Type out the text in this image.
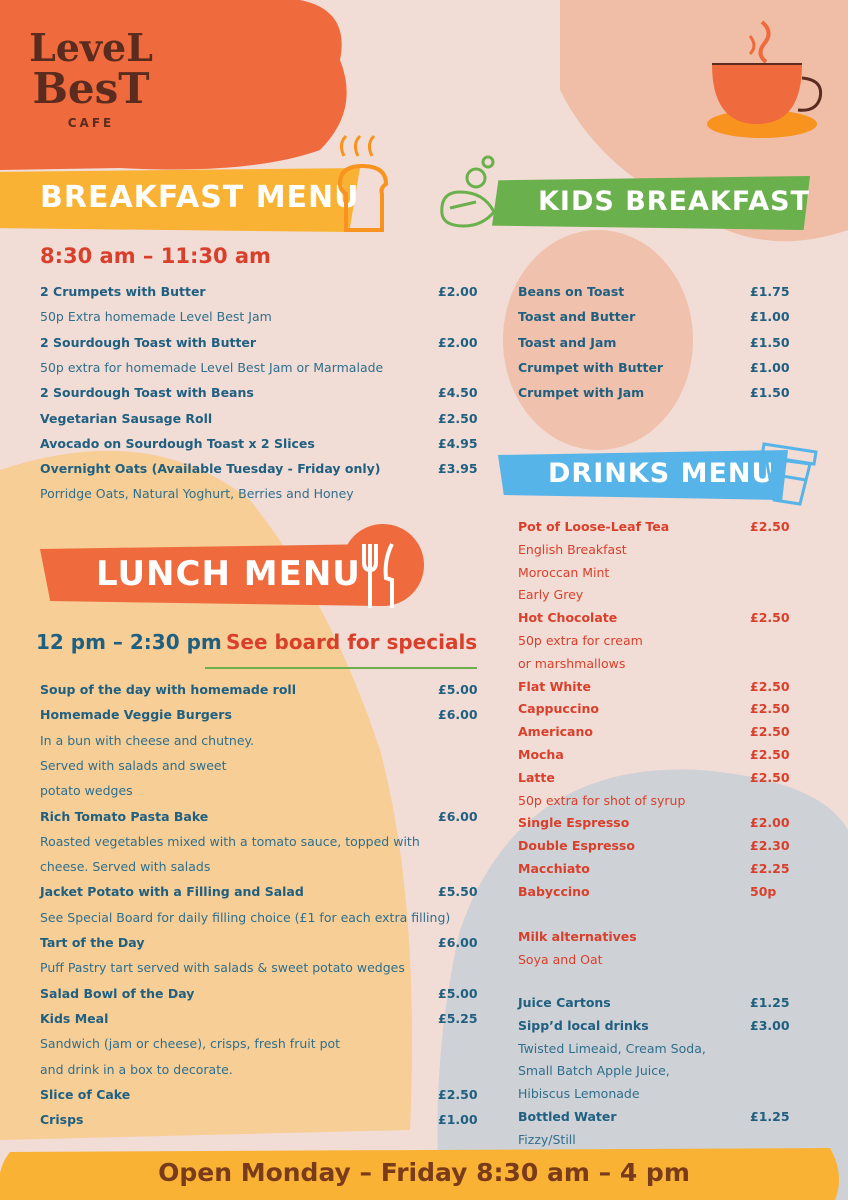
LeveL
BesT
CAFE
BREAKFAST MENU
8:30 am – 11:30 am
2 Crumpets with Butter	£2.00
50p Extra homemade Level Best Jam
2 Sourdough Toast with Butter	£2.00
50p extra for homemade Level Best Jam or Marmalade
2 Sourdough Toast with Beans	£4.50
Vegetarian Sausage Roll	£2.50
Avocado on Sourdough Toast x 2 Slices	£4.95
Overnight Oats (Available Tuesday - Friday only)	£3.95
Porridge Oats, Natural Yoghurt, Berries and Honey
KIDS BREAKFAST
Beans on Toast	£1.75
Toast and Butter	£1.00
Toast and Jam	£1.50
Crumpet with Butter	£1.00
Crumpet with Jam	£1.50
DRINKS MENU
Pot of Loose-Leaf Tea	£2.50
English Breakfast
Moroccan Mint
Early Grey
Hot Chocolate	£2.50
50p extra for cream
or marshmallows
Flat White	£2.50
Cappuccino	£2.50
Americano	£2.50
Mocha	£2.50
Latte	£2.50
50p extra for shot of syrup
Single Espresso	£2.00
Double Espresso	£2.30
Macchiato	£2.25
Babyccino	50p
Milk alternatives
Soya and Oat
Juice Cartons	£1.25
Sipp’d local drinks	£3.00
Twisted Limeaid, Cream Soda,
Small Batch Apple Juice,
Hibiscus Lemonade
Bottled Water	£1.25
Fizzy/Still
LUNCH MENU
12 pm – 2:30 pm See board for specials
Soup of the day with homemade roll	£5.00
Homemade Veggie Burgers	£6.00
In a bun with cheese and chutney.
Served with salads and sweet
potato wedges
Rich Tomato Pasta Bake	£6.00
Roasted vegetables mixed with a tomato sauce, topped with
cheese. Served with salads
Jacket Potato with a Filling and Salad	£5.50
See Special Board for daily filling choice (£1 for each extra filling)
Tart of the Day	£6.00
Puff Pastry tart served with salads & sweet potato wedges
Salad Bowl of the Day	£5.00
Kids Meal	£5.25
Sandwich (jam or cheese), crisps, fresh fruit pot
and drink in a box to decorate.
Slice of Cake	£2.50
Crisps	£1.00
Open Monday – Friday 8:30 am – 4 pm
